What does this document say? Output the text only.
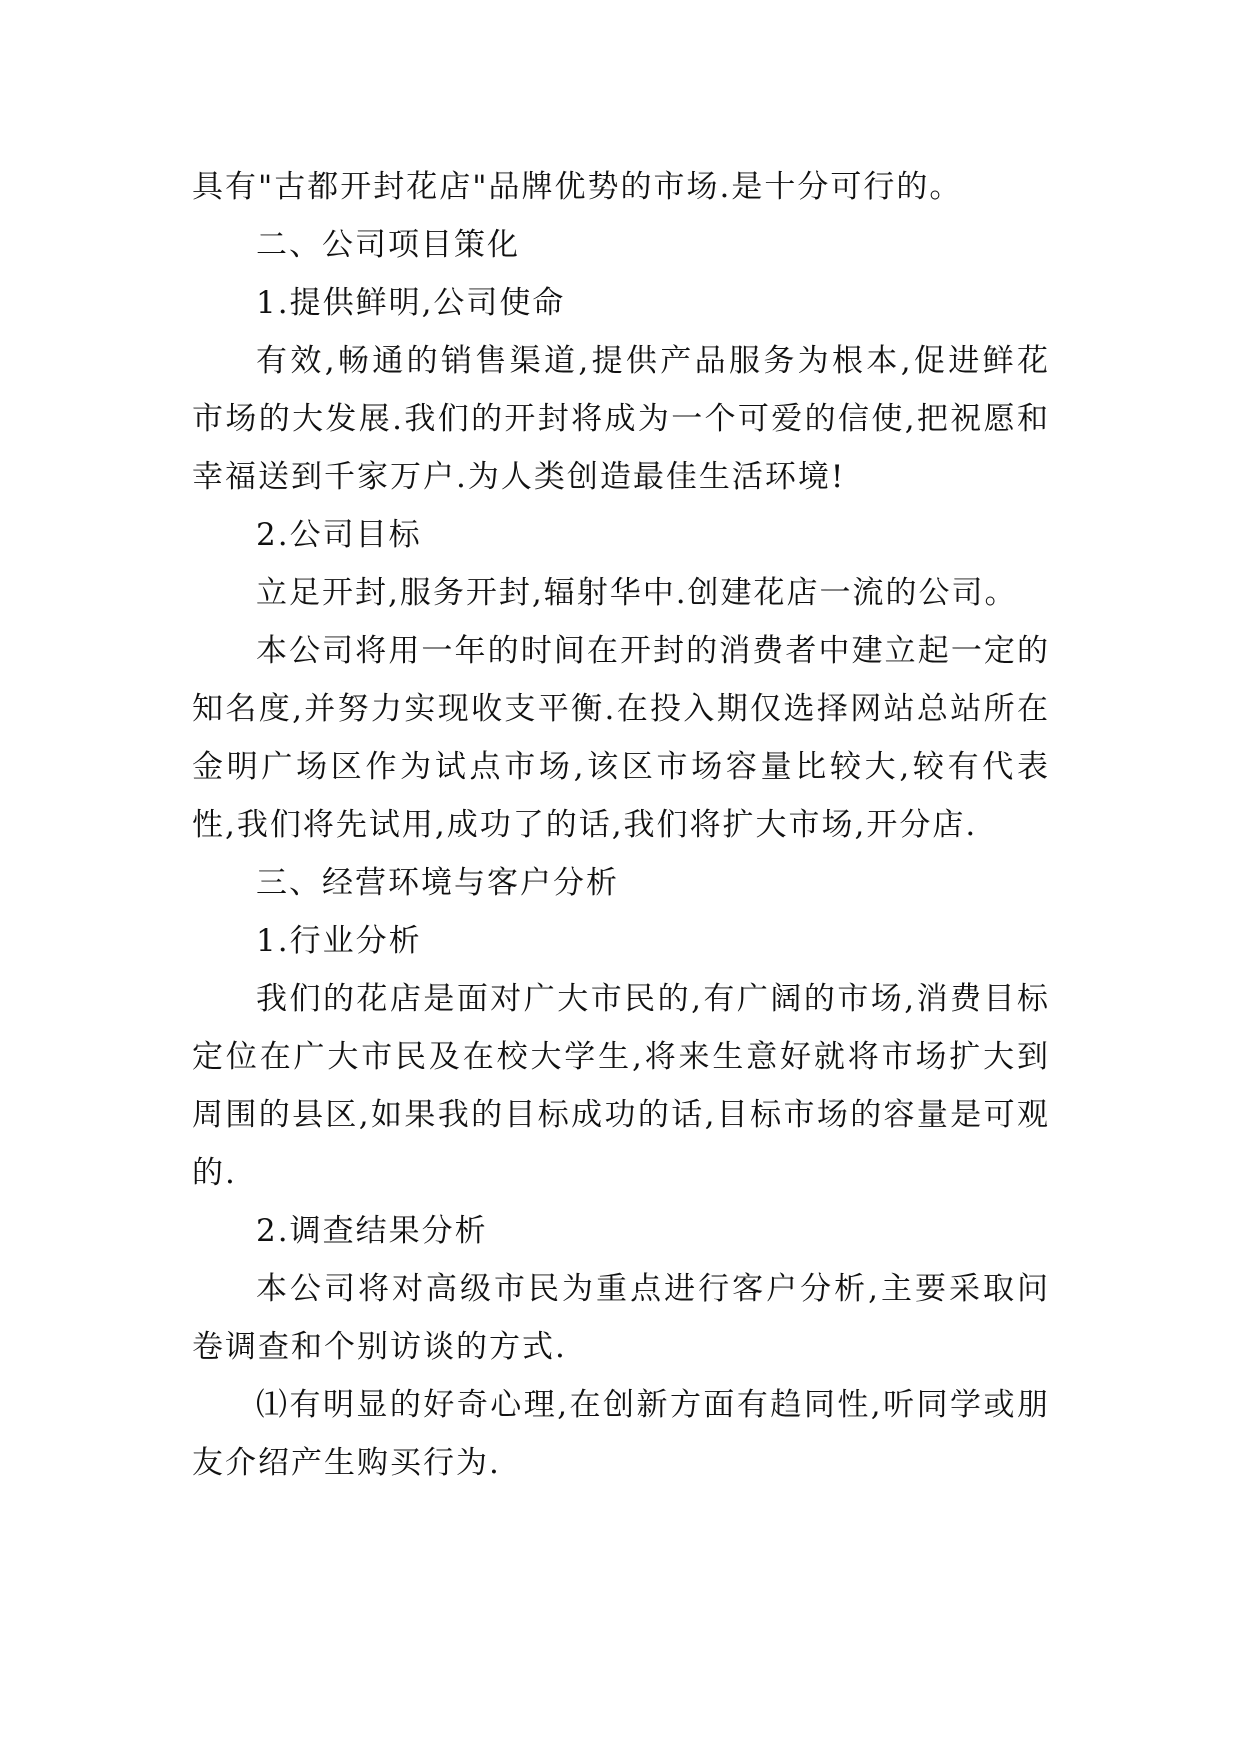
具有"古都开封花店"品牌优势的市场.是十分可行的。

二、公司项目策化

1.提供鲜明,公司使命

有效,畅通的销售渠道,提供产品服务为根本,促进鲜花市场的大发展.我们的开封将成为一个可爱的信使,把祝愿和幸福送到千家万户.为人类创造最佳生活环境!

2.公司目标

立足开封,服务开封,辐射华中.创建花店一流的公司。

本公司将用一年的时间在开封的消费者中建立起一定的知名度,并努力实现收支平衡.在投入期仅选择网站总站所在金明广场区作为试点市场,该区市场容量比较大,较有代表性,我们将先试用,成功了的话,我们将扩大市场,开分店.

三、经营环境与客户分析

1.行业分析

我们的花店是面对广大市民的,有广阔的市场,消费目标定位在广大市民及在校大学生,将来生意好就将市场扩大到周围的县区,如果我的目标成功的话,目标市场的容量是可观的.

2.调查结果分析

本公司将对高级市民为重点进行客户分析,主要采取问卷调查和个别访谈的方式.

⑴有明显的好奇心理,在创新方面有趋同性,听同学或朋友介绍产生购买行为.
